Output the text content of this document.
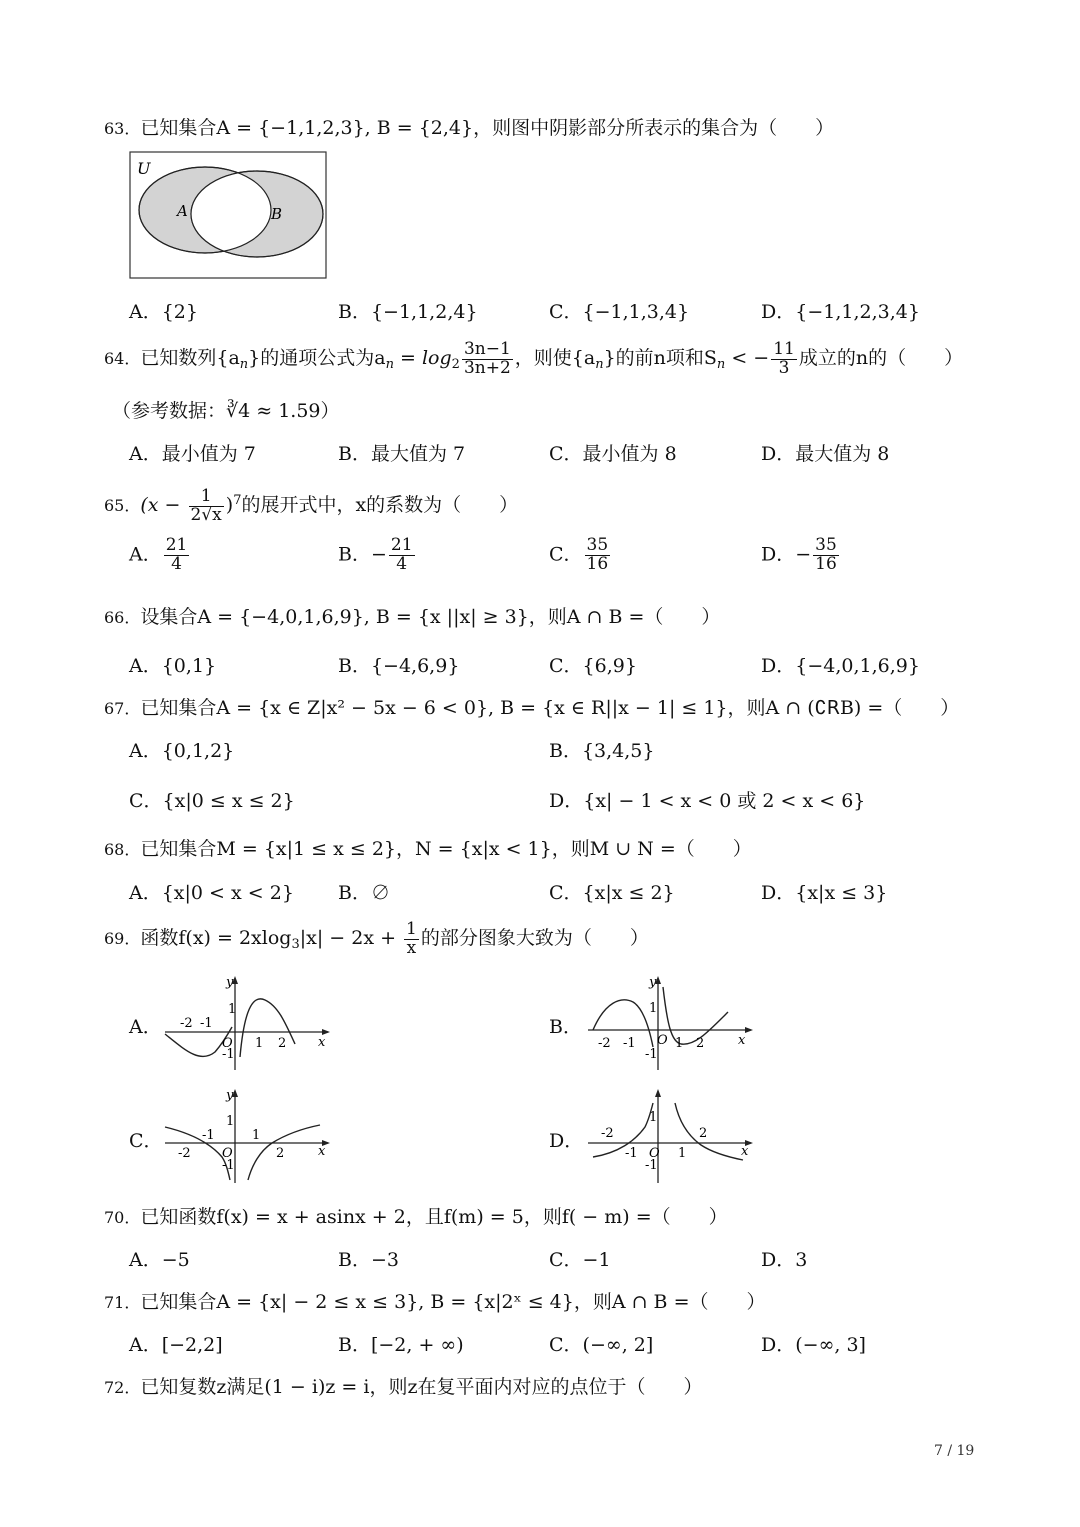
63．已知集合A = {−1,1,2,3}, B = {2,4}，则图中阴影部分所表示的集合为（　　）
U
A	B
A．{2}	B．{−1,1,2,4}	C．{−1,1,3,4}	D．{−1,1,2,3,4}
64．已知数列$\{a_n\}$的通项公式为$a_n = \log_2 \frac{3n-1}{3n+2}$ ，则使$\{a_n\}$的前n项和$S_n$ < − $\frac{11}{3}$ 成立的n的（　　）
（参考数据：∛4 ≈ 1.59）
A．最小值为 7	B．最大值为 7	C．最小值为 8	D．最大值为 8
65．$(x - \frac{1}{2√x} )^7$的展开式中，x的系数为（　　）
A． $\frac{21}{4}$	B．− $\frac{21}{4}$	C． $\frac{35}{16}$	D．− $\frac{35}{16}$
66．设集合A = {−4,0,1,6,9}, B = {x ||x| ≥ 3}，则A ∩ B =（　　）
A．{0,1}	B．{−4,6,9}	C．{6,9}	D．{−4,0,1,6,9}
67．已知集合A = {x ∈ Z|x² − 5x − 6 < 0}, B = {x ∈ R||x − 1| ≤ 1}，则A ∩ (∁ꓣB) =（　　）
A．{0,1,2}	B．{3,4,5}
C．{x|0 ≤ x ≤ 2}	D．{x| − 1 < x < 0 或 2 < x < 6}
68．已知集合M = {x|1 ≤ x ≤ 2}，N = {x|x < 1}，则M ∪ N =（　　）
A．{x|0 < x < 2} B．∅	C．{x|x ≤ 2}	D．{x|x ≤ 3}
69．函数$f(x) = 2xlog_3|x| - 2x + \frac{1}{x}$ 的部分图象大致为（　　）
A．
y
x
O
-2 -1
1
1 2
-1
B．
y
x
O
-2 -1	1 2
1
-1
C．
y
x
O
-1	1
-2	2
1
-1
D． -2
1
-1	1
2
-1
O	x
70．已知函数f(x) = x + asinx + 2，且f(m) = 5，则f( − m) =（　　）
A．−5	B．−3	C．−1	D．3
71．已知集合A = {x| − 2 ≤ x ≤ 3}, B = {x|2ˣ ≤ 4}，则A ∩ B =（　　）
A．[−2,2]	B．[−2, + ∞)	C．(−∞, 2]	D．(−∞, 3]
72．已知复数z满足(1 − i)z = i，则z在复平面内对应的点位于（　　）
7 / 19
